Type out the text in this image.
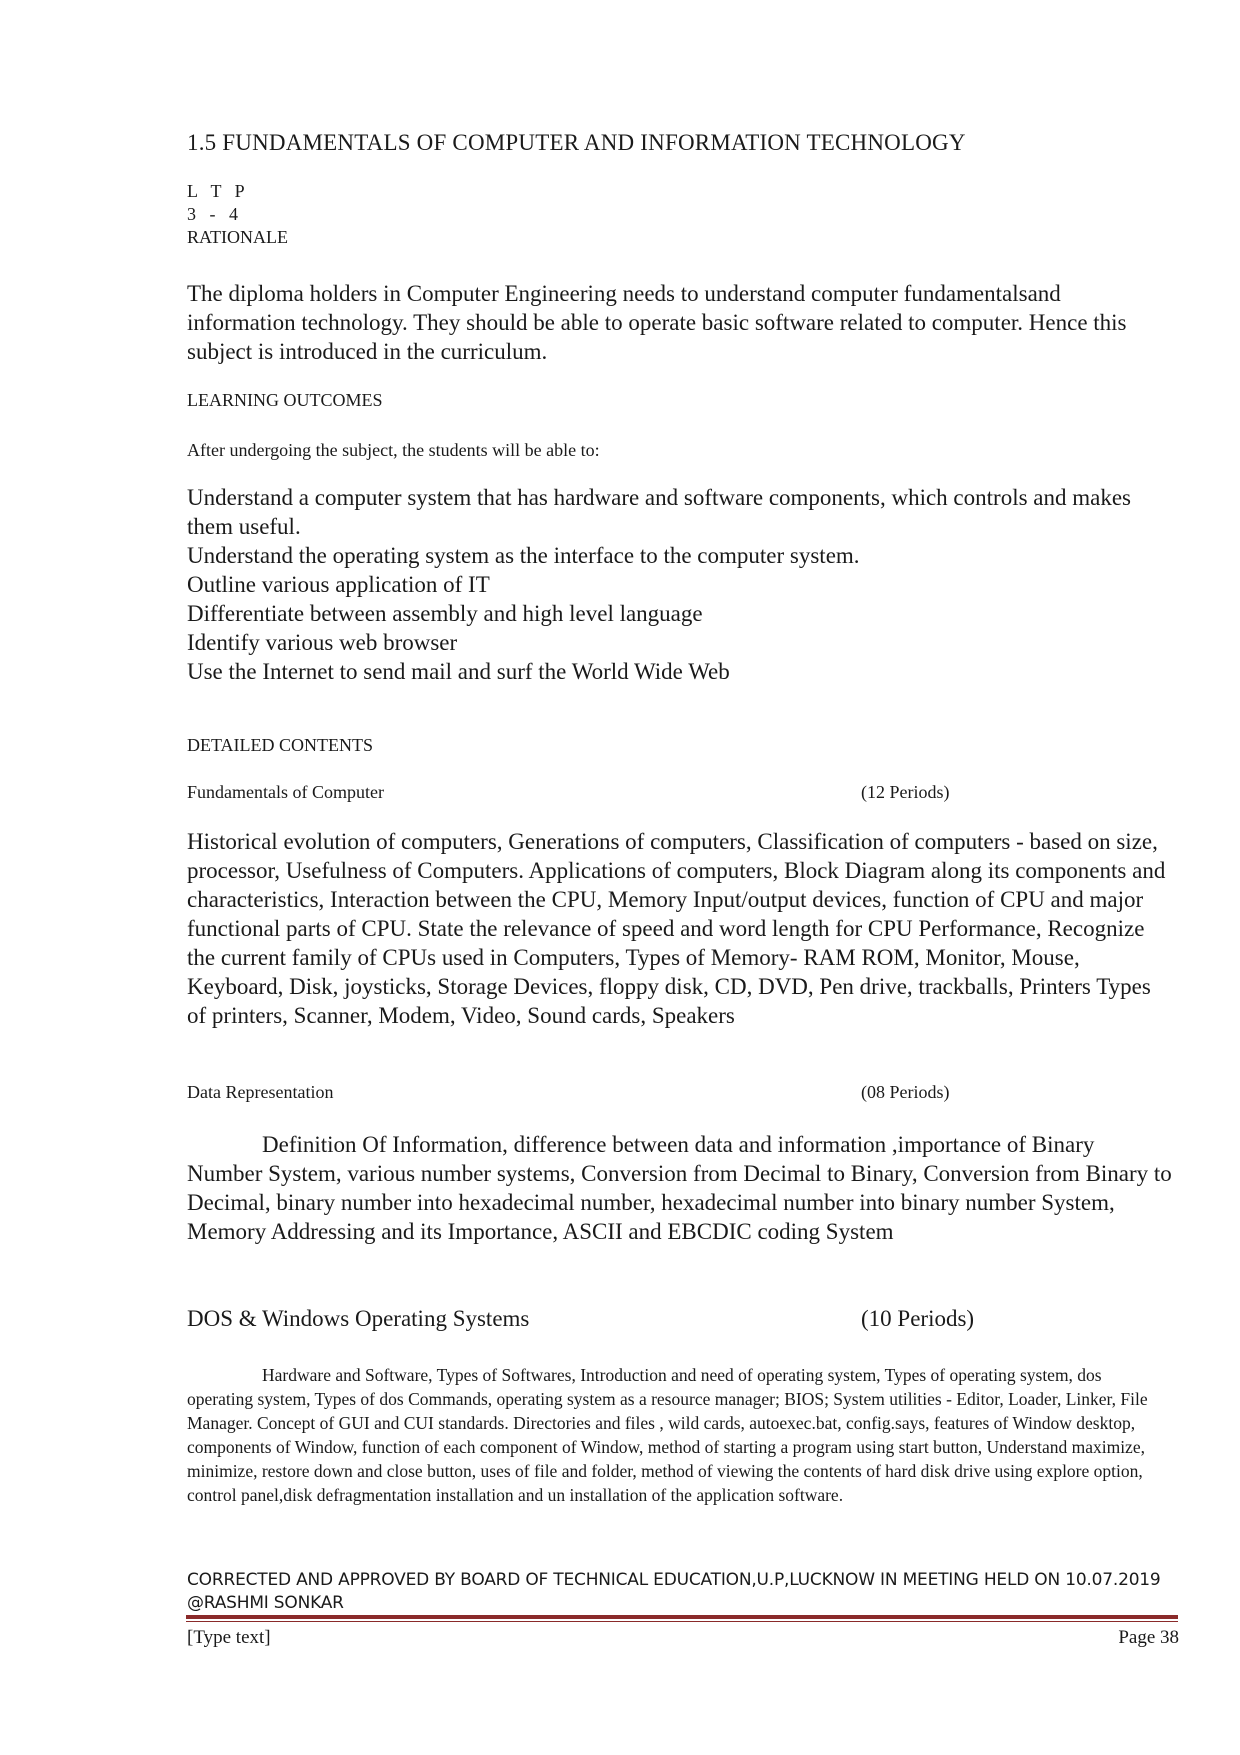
1.5 FUNDAMENTALS OF COMPUTER AND INFORMATION TECHNOLOGY
L   T   P
3   -   4
RATIONALE

The diploma holders in Computer Engineering needs to understand computer fundamentalsand information technology. They should be able to operate basic software related to computer. Hence this subject is introduced in the curriculum.

LEARNING OUTCOMES
After undergoing the subject, the students will be able to:
Understand a computer system that has hardware and software components, which controls and makes them useful.
Understand the operating system as the interface to the computer system.
Outline various application of IT
Differentiate between assembly and high level language
Identify various web browser
Use the Internet to send mail and surf the World Wide Web
DETAILED CONTENTS
Fundamentals of Computer	(12 Periods)

Historical evolution of computers, Generations of computers, Classification of computers - based on size, processor, Usefulness of Computers. Applications of computers, Block Diagram along its components and characteristics, Interaction between the CPU, Memory Input/output devices, function of CPU and major functional parts of CPU. State the relevance of speed and word length for CPU Performance, Recognize the current family of CPUs used in Computers, Types of Memory- RAM ROM, Monitor, Mouse, Keyboard, Disk, joysticks, Storage Devices, floppy disk, CD, DVD, Pen drive, trackballs, Printers Types of printers, Scanner, Modem, Video, Sound cards, Speakers

Data Representation	(08 Periods)

Definition Of Information, difference between data and information ,importance of Binary Number System, various number systems, Conversion from Decimal to Binary, Conversion from Binary to Decimal, binary number into hexadecimal number, hexadecimal number into binary number System, Memory Addressing and its Importance, ASCII and EBCDIC coding System

DOS & Windows Operating Systems	(10 Periods)

Hardware and Software, Types of Softwares, Introduction and need of operating system, Types of operating system, dos operating system, Types of dos Commands, operating system as a resource manager; BIOS; System utilities - Editor, Loader, Linker, File Manager. Concept of GUI and CUI standards. Directories and files , wild cards, autoexec.bat, config.says, features of Window desktop, components of Window, function of each component of Window, method of starting a program using start button, Understand maximize, minimize, restore down and close button, uses of file and folder, method of viewing the contents of hard disk drive using explore option, control panel,disk defragmentation installation and un installation of the application software.

CORRECTED AND APPROVED BY BOARD OF TECHNICAL EDUCATION,U.P,LUCKNOW IN MEETING HELD ON 10.07.2019 @RASHMI SONKAR

[Type text]	Page 38
